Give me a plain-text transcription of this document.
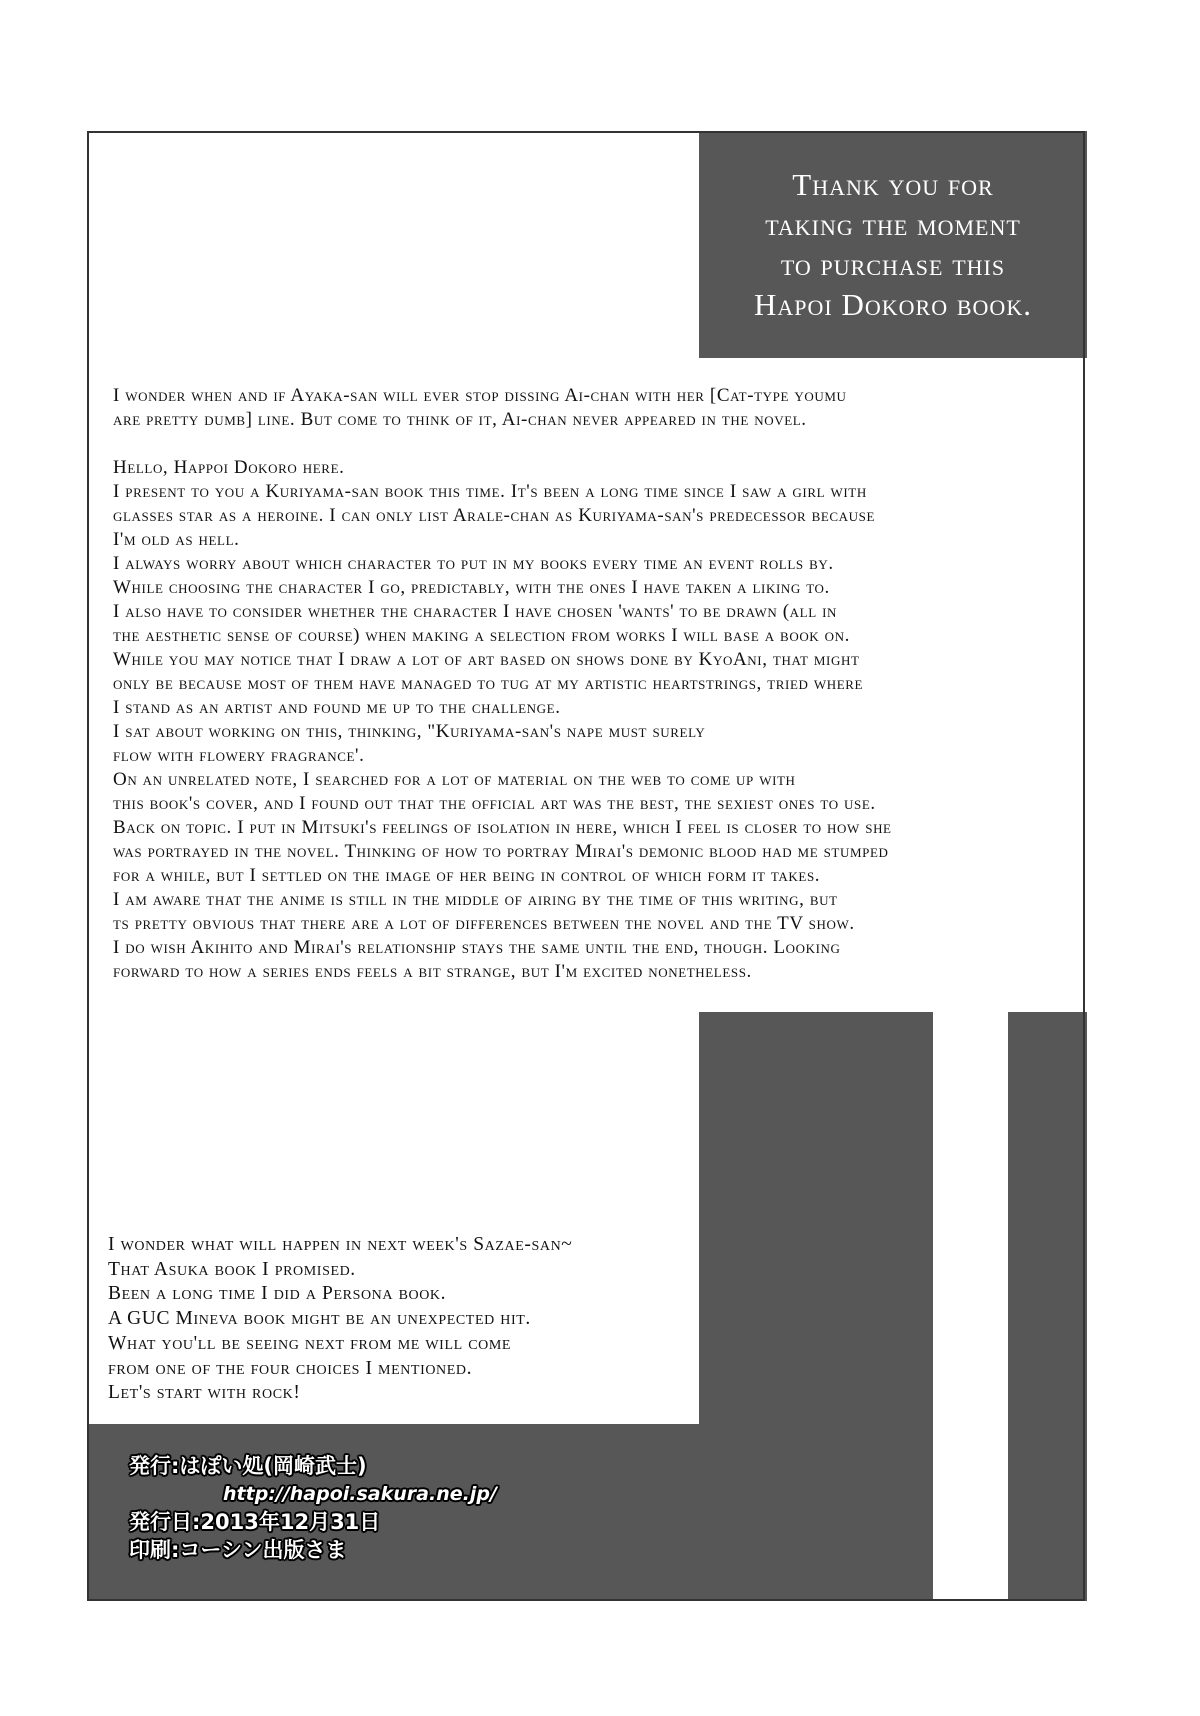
Thank you for
taking the moment
to purchase this
Hapoi Dokoro book.
I wonder when and if Ayaka-san will ever stop dissing Ai-chan with her [Cat-type youmu
are pretty dumb] line. But come to think of it, Ai-chan never appeared in the novel.
Hello, Happoi Dokoro here.
I present to you a Kuriyama-san book this time. It's been a long time since I saw a girl with
glasses star as a heroine. I can only list Arale-chan as Kuriyama-san's predecessor because
I'm old as hell.
I always worry about which character to put in my books every time an event rolls by.
While choosing the character I go, predictably, with the ones I have taken a liking to.
I also have to consider whether the character I have chosen 'wants' to be drawn (all in
the aesthetic sense of course) when making a selection from works I will base a book on.
While you may notice that I draw a lot of art based on shows done by KyoAni, that might
only be because most of them have managed to tug at my artistic heartstrings, tried where
I stand as an artist and found me up to the challenge.
I sat about working on this, thinking, "Kuriyama-san's nape must surely
flow with flowery fragrance'.
On an unrelated note, I searched for a lot of material on the web to come up with
this book's cover, and I found out that the official art was the best, the sexiest ones to use.
Back on topic. I put in Mitsuki's feelings of isolation in here, which I feel is closer to how she
was portrayed in the novel. Thinking of how to portray Mirai's demonic blood had me stumped
for a while, but I settled on the image of her being in control of which form it takes.
I am aware that the anime is still in the middle of airing by the time of this writing, but
ts pretty obvious that there are a lot of differences between the novel and the TV show.
I do wish Akihito and Mirai's relationship stays the same until the end, though. Looking
forward to how a series ends feels a bit strange, but I'm excited nonetheless.
I wonder what will happen in next week's Sazae-san~
That Asuka book I promised.
Been a long time I did a Persona book.
A GUC Mineva book might be an unexpected hit.
What you'll be seeing next from me will come
from one of the four choices I mentioned.
Let's start with rock!
発行:はぽい処(岡崎武士)
http://hapoi.sakura.ne.jp/
発行日:2013年12月31日
印刷:コーシン出版さま
